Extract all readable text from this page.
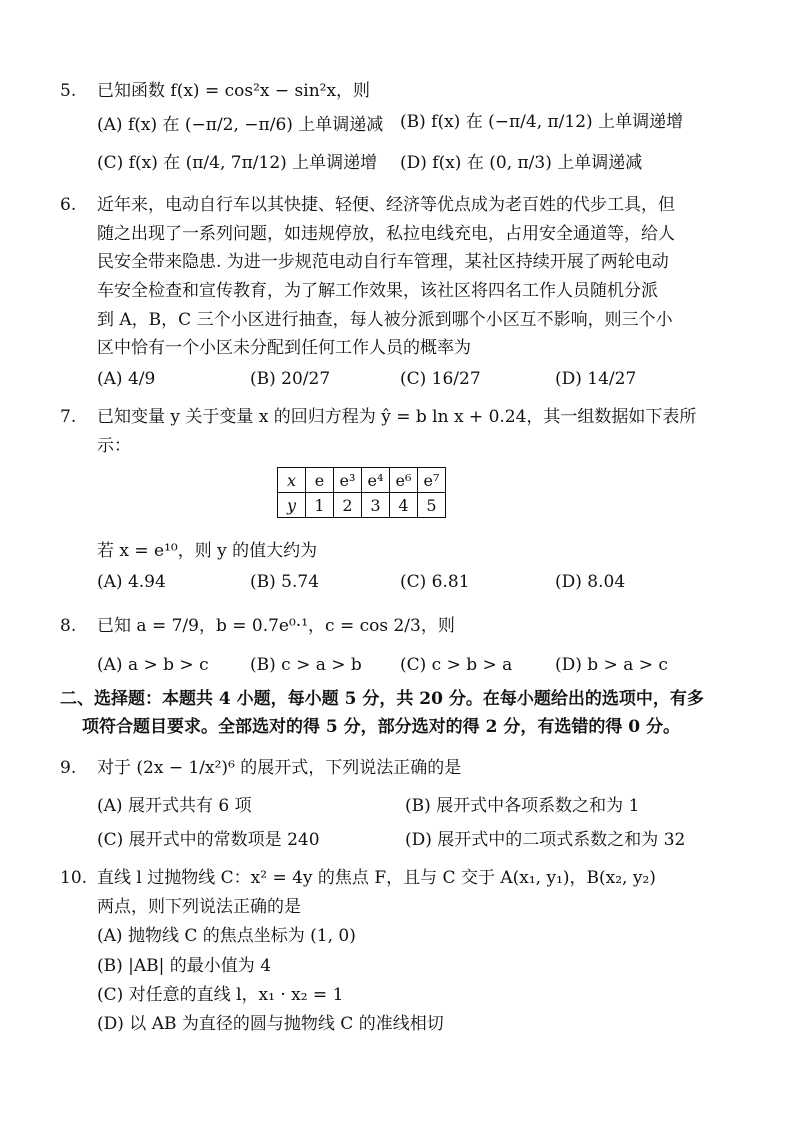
5. 已知函数 f(x) = cos²x − sin²x，则
(A) f(x) 在 (−π/2, −π/6) 上单调递减 (B) f(x) 在 (−π/4, π/12) 上单调递增
(C) f(x) 在 (π/4, 7π/12) 上单调递增 (D) f(x) 在 (0, π/3) 上单调递减
6. 近年来，电动自行车以其快捷、轻便、经济等优点成为老百姓的代步工具，但
随之出现了一系列问题，如违规停放，私拉电线充电，占用安全通道等，给人
民安全带来隐患. 为进一步规范电动自行车管理，某社区持续开展了两轮电动
车安全检查和宣传教育，为了解工作效果，该社区将四名工作人员随机分派
到 A，B，C 三个小区进行抽查，每人被分派到哪个小区互不影响，则三个小
区中恰有一个小区未分配到任何工作人员的概率为
(A) 4/9	(B) 20/27	(C) 16/27	(D) 14/27
7. 已知变量 y 关于变量 x 的回归方程为 ŷ = b ln x + 0.24，其一组数据如下表所
示：
x	e	e³	e⁴	e⁶	e⁷
y	1	2	3	4	5
若 x = e¹⁰，则 y 的值大约为
(A) 4.94	(B) 5.74	(C) 6.81	(D) 8.04
8. 已知 a = 7/9，b = 0.7e⁰·¹，c = cos 2/3，则
(A) a > b > c (B) c > a > b (C) c > b > a	(D) b > a > c
二、选择题：本题共 4 小题，每小题 5 分，共 20 分。在每小题给出的选项中，有多
项符合题目要求。全部选对的得 5 分，部分选对的得 2 分，有选错的得 0 分。
9. 对于 (2x − 1/x²)⁶ 的展开式，下列说法正确的是
(A) 展开式共有 6 项	(B) 展开式中各项系数之和为 1
(C) 展开式中的常数项是 240	(D) 展开式中的二项式系数之和为 32
10. 直线 l 过抛物线 C：x² = 4y 的焦点 F，且与 C 交于 A(x₁, y₁)，B(x₂, y₂)
两点，则下列说法正确的是
(A) 抛物线 C 的焦点坐标为 (1, 0)
(B) |AB| 的最小值为 4
(C) 对任意的直线 l，x₁ · x₂ = 1
(D) 以 AB 为直径的圆与抛物线 C 的准线相切
